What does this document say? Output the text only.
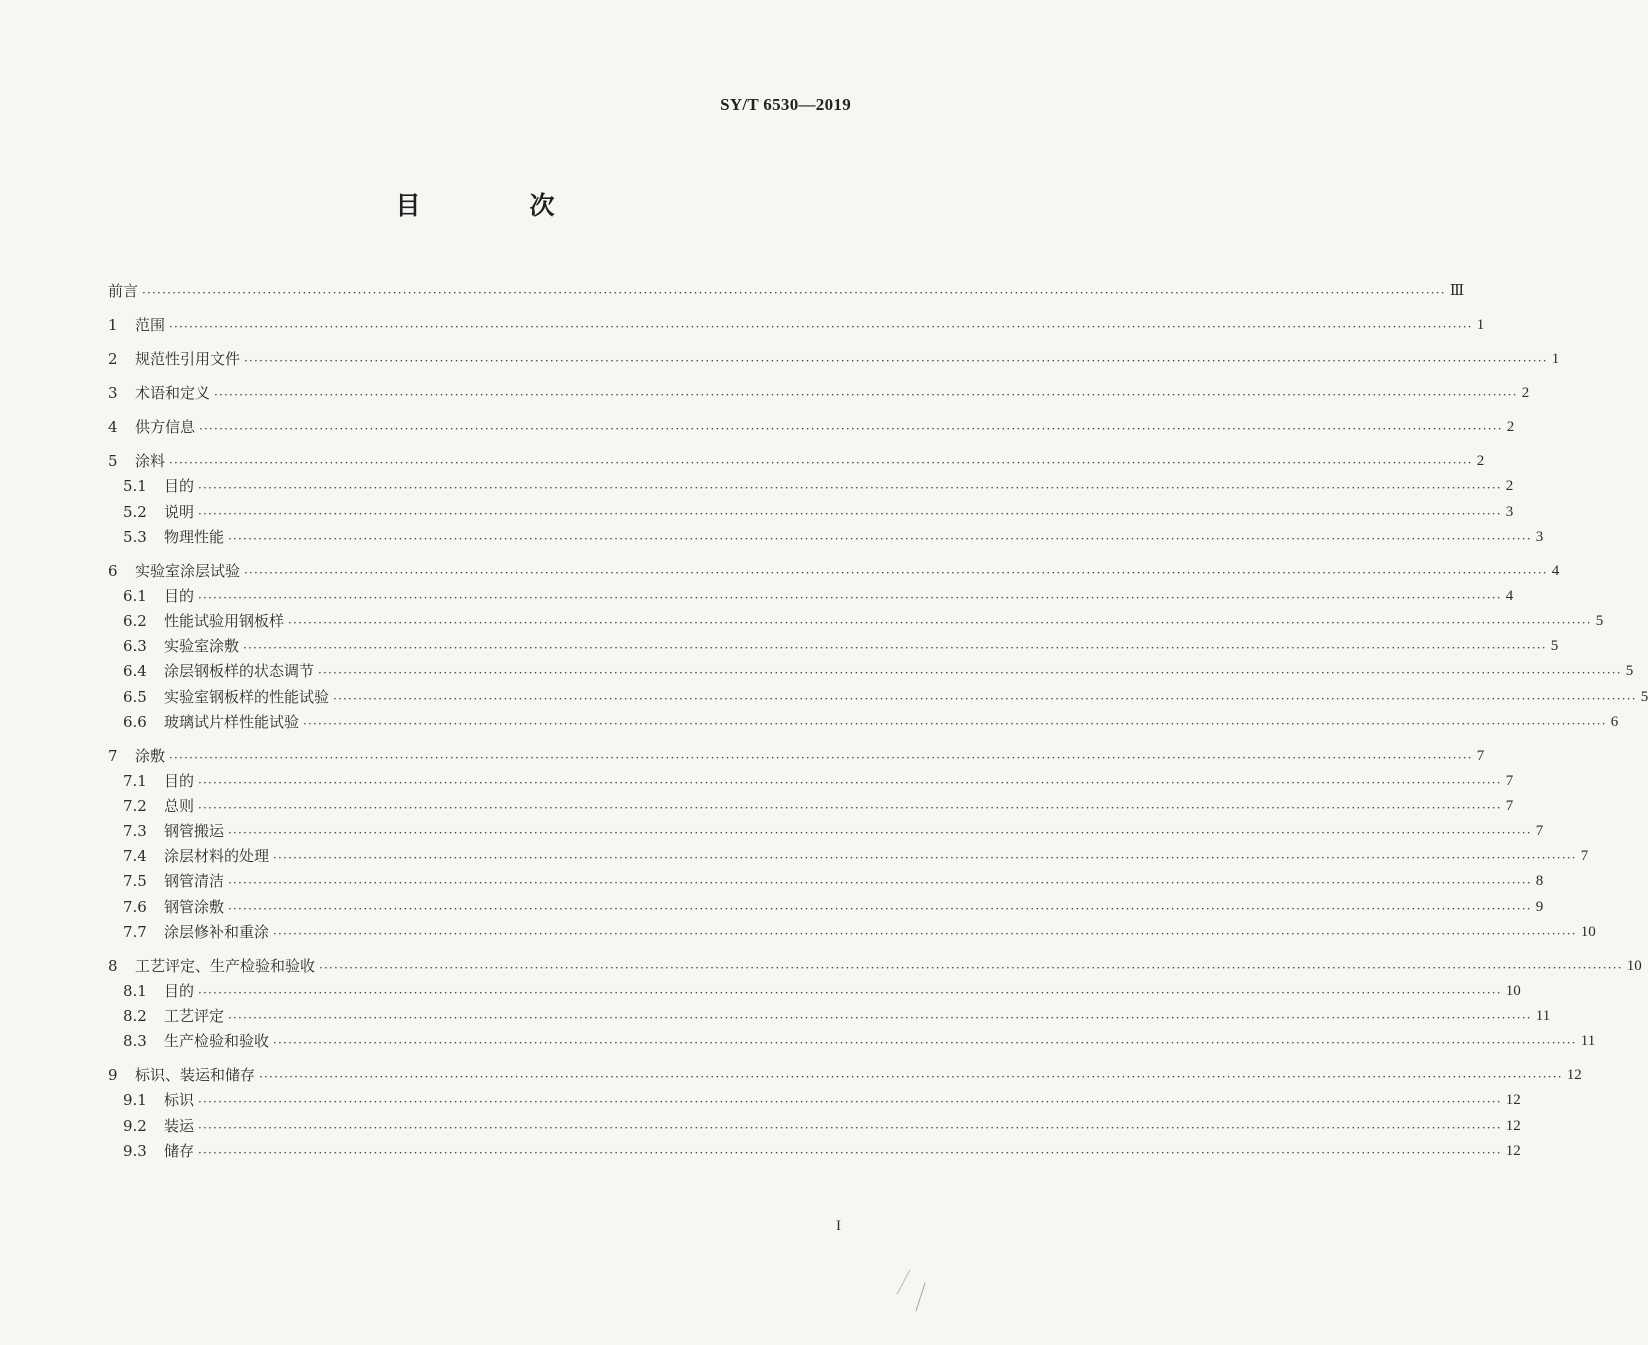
SY/T 6530—2019
目　次
前言 ···································································································································································································································································· Ⅲ
1	范围 ···································································································································································································································································· 1
2	规范性引用文件 ···································································································································································································································································· 1
3	术语和定义 ···································································································································································································································································· 2
4	供方信息 ···································································································································································································································································· 2
5	涂料 ···································································································································································································································································· 2
5.1	目的 ···································································································································································································································································· 2
5.2	说明 ···································································································································································································································································· 3
5.3	物理性能 ···································································································································································································································································· 3
6	实验室涂层试验 ···································································································································································································································································· 4
6.1	目的 ···································································································································································································································································· 4
6.2	性能试验用钢板样 ···································································································································································································································································· 5
6.3	实验室涂敷 ···································································································································································································································································· 5
6.4	涂层钢板样的状态调节 ···································································································································································································································································· 5
6.5	实验室钢板样的性能试验 ···································································································································································································································································· 5
6.6	玻璃试片样性能试验 ···································································································································································································································································· 6
7	涂敷 ···································································································································································································································································· 7
7.1	目的 ···································································································································································································································································· 7
7.2	总则 ···································································································································································································································································· 7
7.3	钢管搬运 ···································································································································································································································································· 7
7.4	涂层材料的处理 ···································································································································································································································································· 7
7.5	钢管清洁 ···································································································································································································································································· 8
7.6	钢管涂敷 ···································································································································································································································································· 9
7.7	涂层修补和重涂 ···································································································································································································································································· 10
8	工艺评定、生产检验和验收 ···································································································································································································································································· 10
8.1	目的 ···································································································································································································································································· 10
8.2	工艺评定 ···································································································································································································································································· 11
8.3	生产检验和验收 ···································································································································································································································································· 11
9	标识、装运和储存 ···································································································································································································································································· 12
9.1	标识 ···································································································································································································································································· 12
9.2	装运 ···································································································································································································································································· 12
9.3	储存 ···································································································································································································································································· 12
I
